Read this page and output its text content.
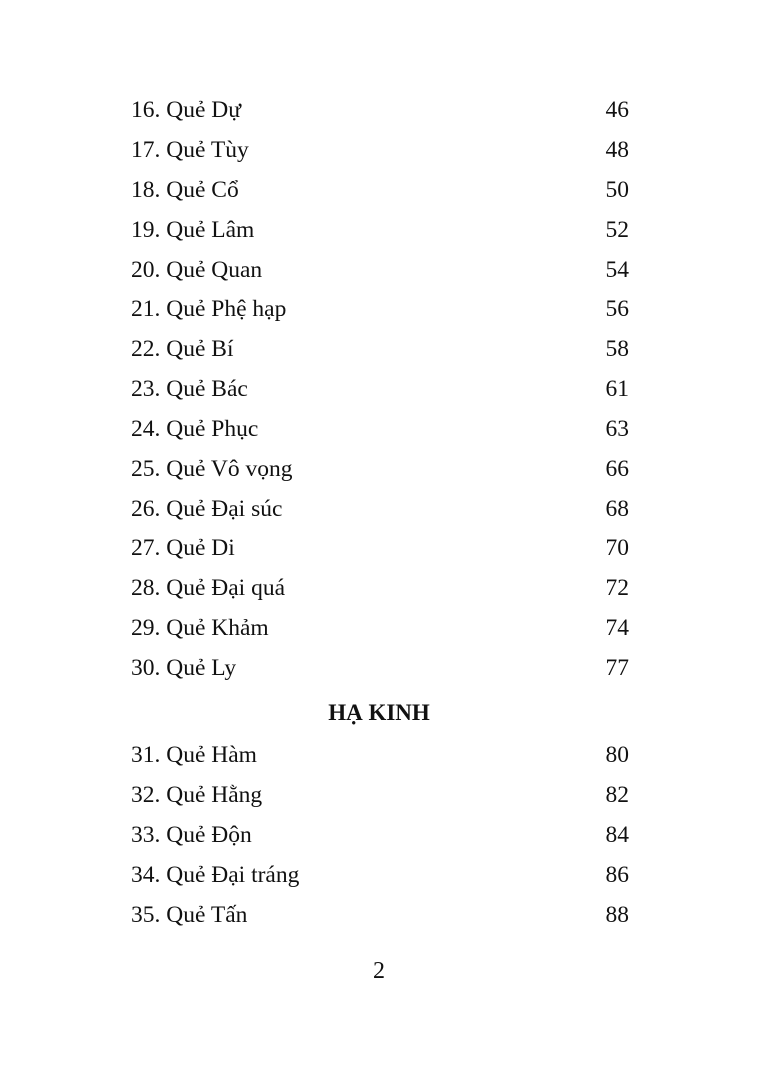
16. Quẻ Dự	46
17. Quẻ Tùy	48
18. Quẻ Cổ	50
19. Quẻ Lâm	52
20. Quẻ Quan	54
21. Quẻ Phệ hạp	56
22. Quẻ Bí	58
23. Quẻ Bác	61
24. Quẻ Phục	63
25. Quẻ Vô vọng	66
26. Quẻ Đại súc	68
27. Quẻ Di	70
28. Quẻ Đại quá	72
29. Quẻ Khảm	74
30. Quẻ Ly	77
HẠ KINH
31. Quẻ Hàm	80
32. Quẻ Hằng	82
33. Quẻ Độn	84
34. Quẻ Đại tráng	86
35. Quẻ Tấn	88
2
